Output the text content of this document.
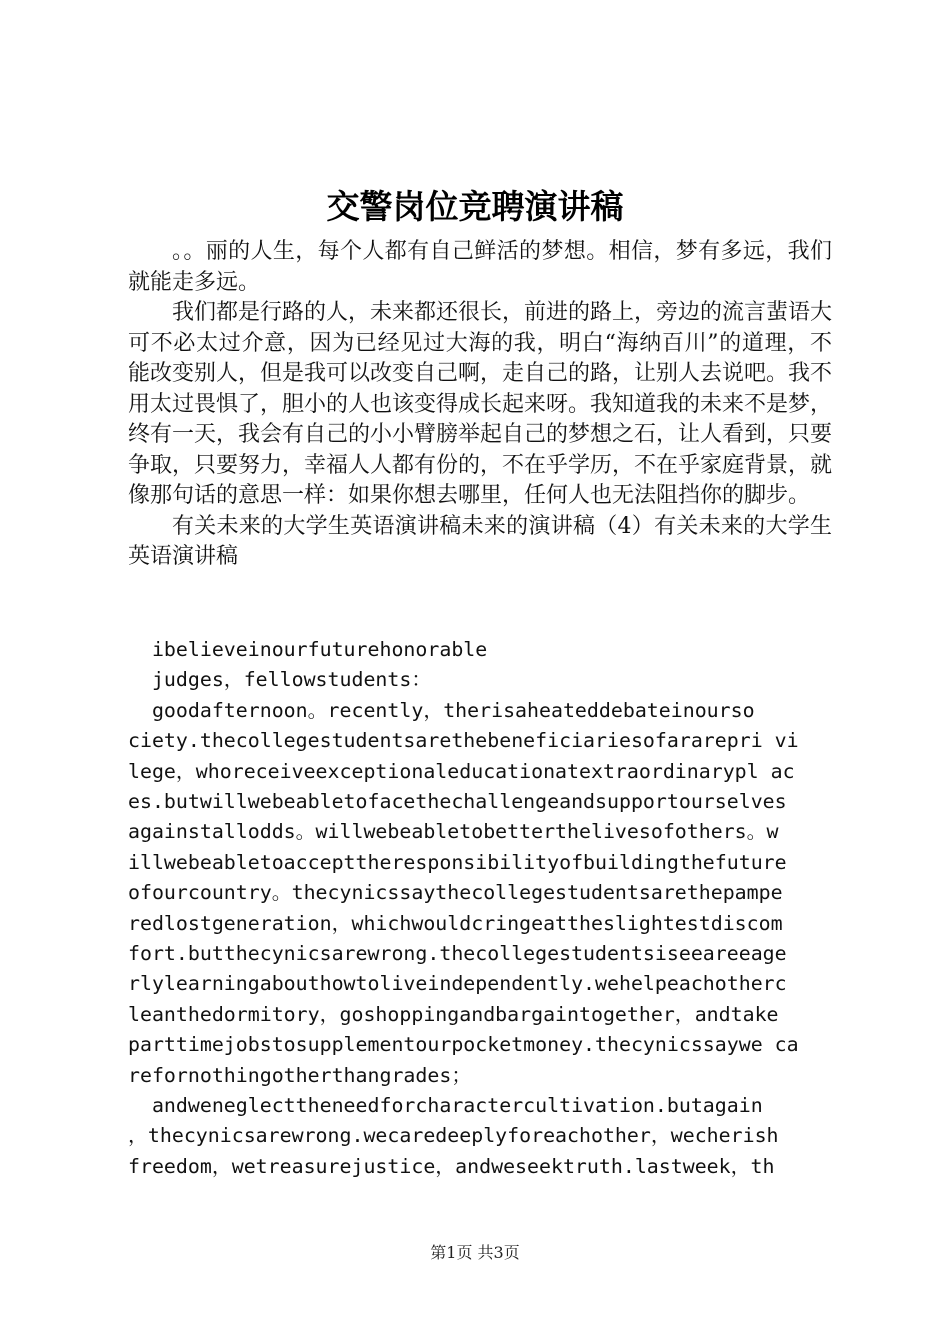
交警岗位竞聘演讲稿

。。丽的人生，每个人都有自己鲜活的梦想。相信，梦有多远，我们就能走多远。

我们都是行路的人，未来都还很长，前进的路上，旁边的流言蜚语大可不必太过介意，因为已经见过大海的我，明白“海纳百川”的道理，不能改变别人，但是我可以改变自己啊，走自己的路，让别人去说吧。我不用太过畏惧了，胆小的人也该变得成长起来呀。我知道我的未来不是梦，终有一天，我会有自己的小小臂膀举起自己的梦想之石，让人看到，只要争取，只要努力，幸福人人都有份的，不在乎学历，不在乎家庭背景，就像那句话的意思一样：如果你想去哪里，任何人也无法阻挡你的脚步。

有关未来的大学生英语演讲稿未来的演讲稿（4）有关未来的大学生英语演讲稿

ibelieveinourfuturehonorable
judges，fellowstudents：
goodafternoon。recently，therisaheateddebateinourso
ciety.thecollegestudentsarethebeneficiariesofararepri vi
lege，whoreceiveexceptionaleducationatextraordinarypl ac
es.butwillwebeabletofacethechallengeandsupportourselves
againstallodds。willwebeabletobetterthelivesofothers。w
illwebeabletoaccepttheresponsibilityofbuildingthefuture
ofourcountry。thecynicssaythecollegestudentsarethepampe
redlostgeneration，whichwouldcringeattheslightestdiscom
fort.butthecynicsarewrong.thecollegestudentsiseeareeage
rlylearningabouthowtoliveindependently.wehelpeachotherc
leanthedormitory，goshoppingandbargaintogether，andtake
parttimejobstosupplementourpocketmoney.thecynicssaywe ca
refornothingotherthangrades；
andweneglecttheneedforcharactercultivation.butagain
，thecynicsarewrong.wecaredeeplyforeachother，wecherish
freedom，wetreasurejustice，andweseektruth.lastweek，th
第1页 共3页
